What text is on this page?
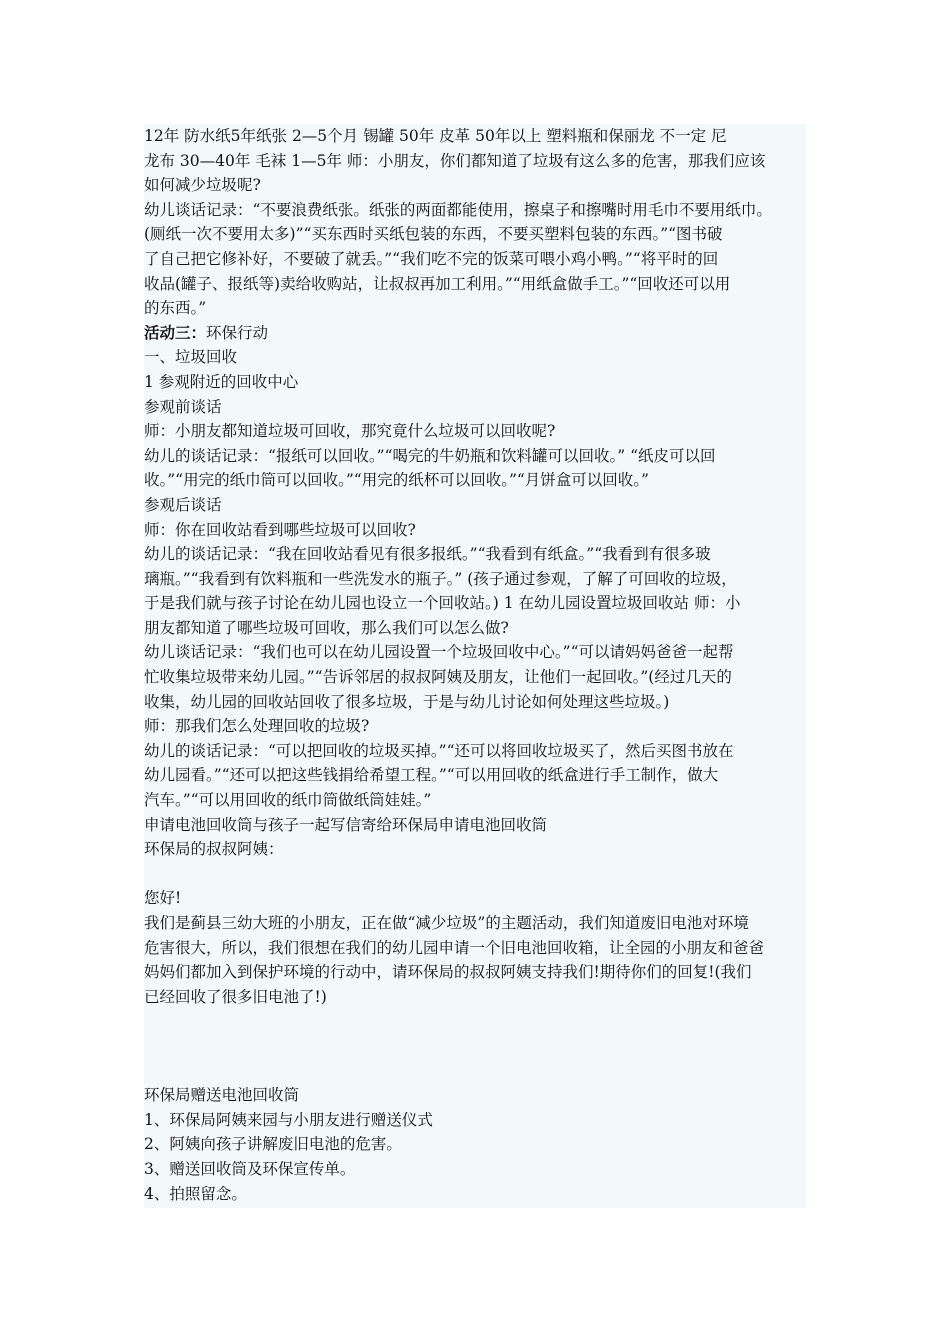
12年 防水纸5年纸张 2—5个月 锡罐 50年 皮革 50年以上 塑料瓶和保丽龙 不一定 尼
龙布 30—40年 毛袜 1—5年 师：小朋友，你们都知道了垃圾有这么多的危害，那我们应该
如何减少垃圾呢?
幼儿谈话记录：“不要浪费纸张。纸张的两面都能使用，擦桌子和擦嘴时用毛巾不要用纸巾。
(厕纸一次不要用太多)”“买东西时买纸包装的东西，不要买塑料包装的东西。”“图书破
了自己把它修补好，不要破了就丢。”“我们吃不完的饭菜可喂小鸡小鸭。”“将平时的回
收品(罐子、报纸等)卖给收购站，让叔叔再加工利用。”“用纸盒做手工。”“回收还可以用
的东西。”
活动三：环保行动
一、垃圾回收
1 参观附近的回收中心
参观前谈话
师：小朋友都知道垃圾可回收，那究竟什么垃圾可以回收呢?
幼儿的谈话记录：“报纸可以回收。”“喝完的牛奶瓶和饮料罐可以回收。” “纸皮可以回
收。”“用完的纸巾筒可以回收。”“用完的纸杯可以回收。”“月饼盒可以回收。”
参观后谈话
师：你在回收站看到哪些垃圾可以回收?
幼儿的谈话记录：“我在回收站看见有很多报纸。”“我看到有纸盒。”“我看到有很多玻
璃瓶。”“我看到有饮料瓶和一些洗发水的瓶子。” (孩子通过参观，了解了可回收的垃圾，
于是我们就与孩子讨论在幼儿园也设立一个回收站。) 1 在幼儿园设置垃圾回收站 师：小
朋友都知道了哪些垃圾可回收，那么我们可以怎么做?
幼儿谈话记录：“我们也可以在幼儿园设置一个垃圾回收中心。”“可以请妈妈爸爸一起帮
忙收集垃圾带来幼儿园。”“告诉邻居的叔叔阿姨及朋友，让他们一起回收。”(经过几天的
收集，幼儿园的回收站回收了很多垃圾，于是与幼儿讨论如何处理这些垃圾。)
师：那我们怎么处理回收的垃圾?
幼儿的谈话记录：“可以把回收的垃圾买掉。”“还可以将回收垃圾买了，然后买图书放在
幼儿园看。”“还可以把这些钱捐给希望工程。”“可以用回收的纸盒进行手工制作，做大
汽车。”“可以用回收的纸巾筒做纸筒娃娃。”
申请电池回收筒与孩子一起写信寄给环保局申请电池回收筒
环保局的叔叔阿姨：
您好!
我们是蓟县三幼大班的小朋友，正在做“减少垃圾”的主题活动，我们知道废旧电池对环境
危害很大，所以，我们很想在我们的幼儿园申请一个旧电池回收箱，让全园的小朋友和爸爸
妈妈们都加入到保护环境的行动中，请环保局的叔叔阿姨支持我们!期待你们的回复!(我们
已经回收了很多旧电池了!)
环保局赠送电池回收筒
1、环保局阿姨来园与小朋友进行赠送仪式
2、阿姨向孩子讲解废旧电池的危害。
3、赠送回收筒及环保宣传单。
4、拍照留念。
